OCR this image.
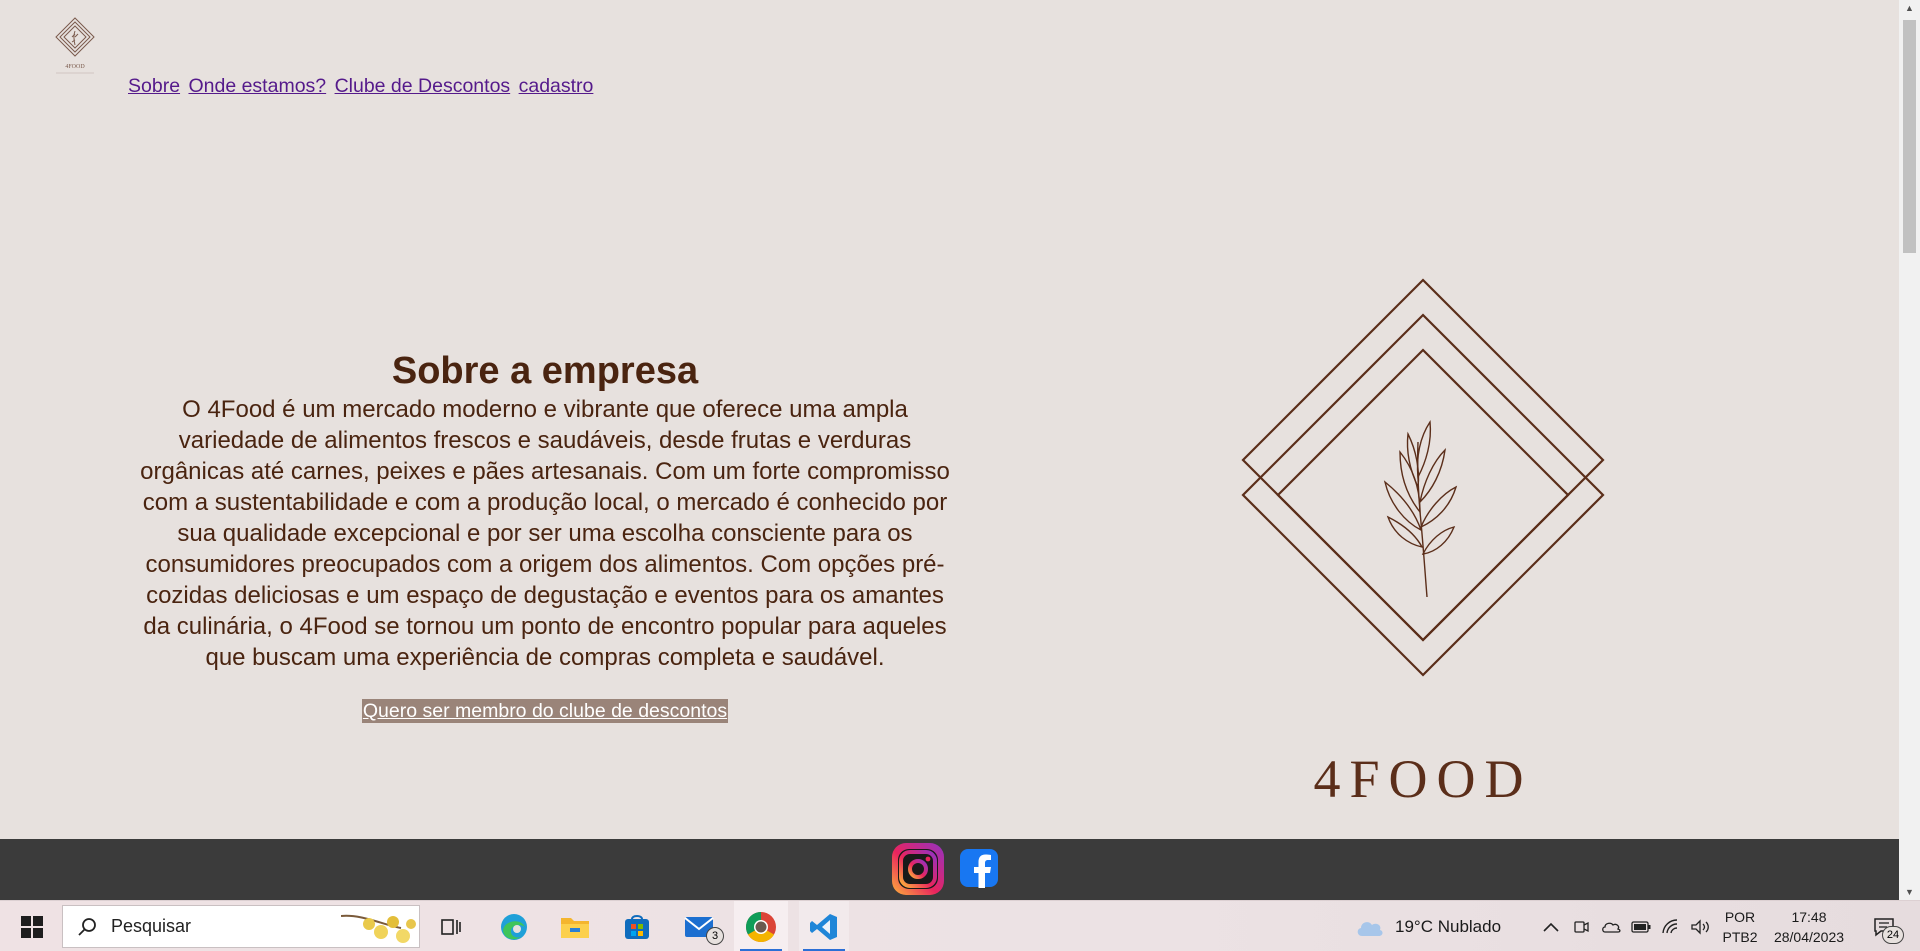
4FOOD
Sobre Onde estamos? Clube de Descontos cadastro
Sobre a empresa

O 4Food é um mercado moderno e vibrante que oferece uma ampla variedade de alimentos frescos e saudáveis, desde frutas e verduras orgânicas até carnes, peixes e pães artesanais. Com um forte compromisso com a sustentabilidade e com a produção local, o mercado é conhecido por sua qualidade excepcional e por ser uma escolha consciente para os consumidores preocupados com a origem dos alimentos. Com opções pré-cozidas deliciosas e um espaço de degustação e eventos para os amantes da culinária, o 4Food se tornou um ponto de encontro popular para aqueles que buscam uma experiência de compras completa e saudável.

Quero ser membro do clube de descontos
4FOOD
▲
▼
Pesquisar	3
19°C Nublado	POR
PTB2
17:48
28/04/2023	24
